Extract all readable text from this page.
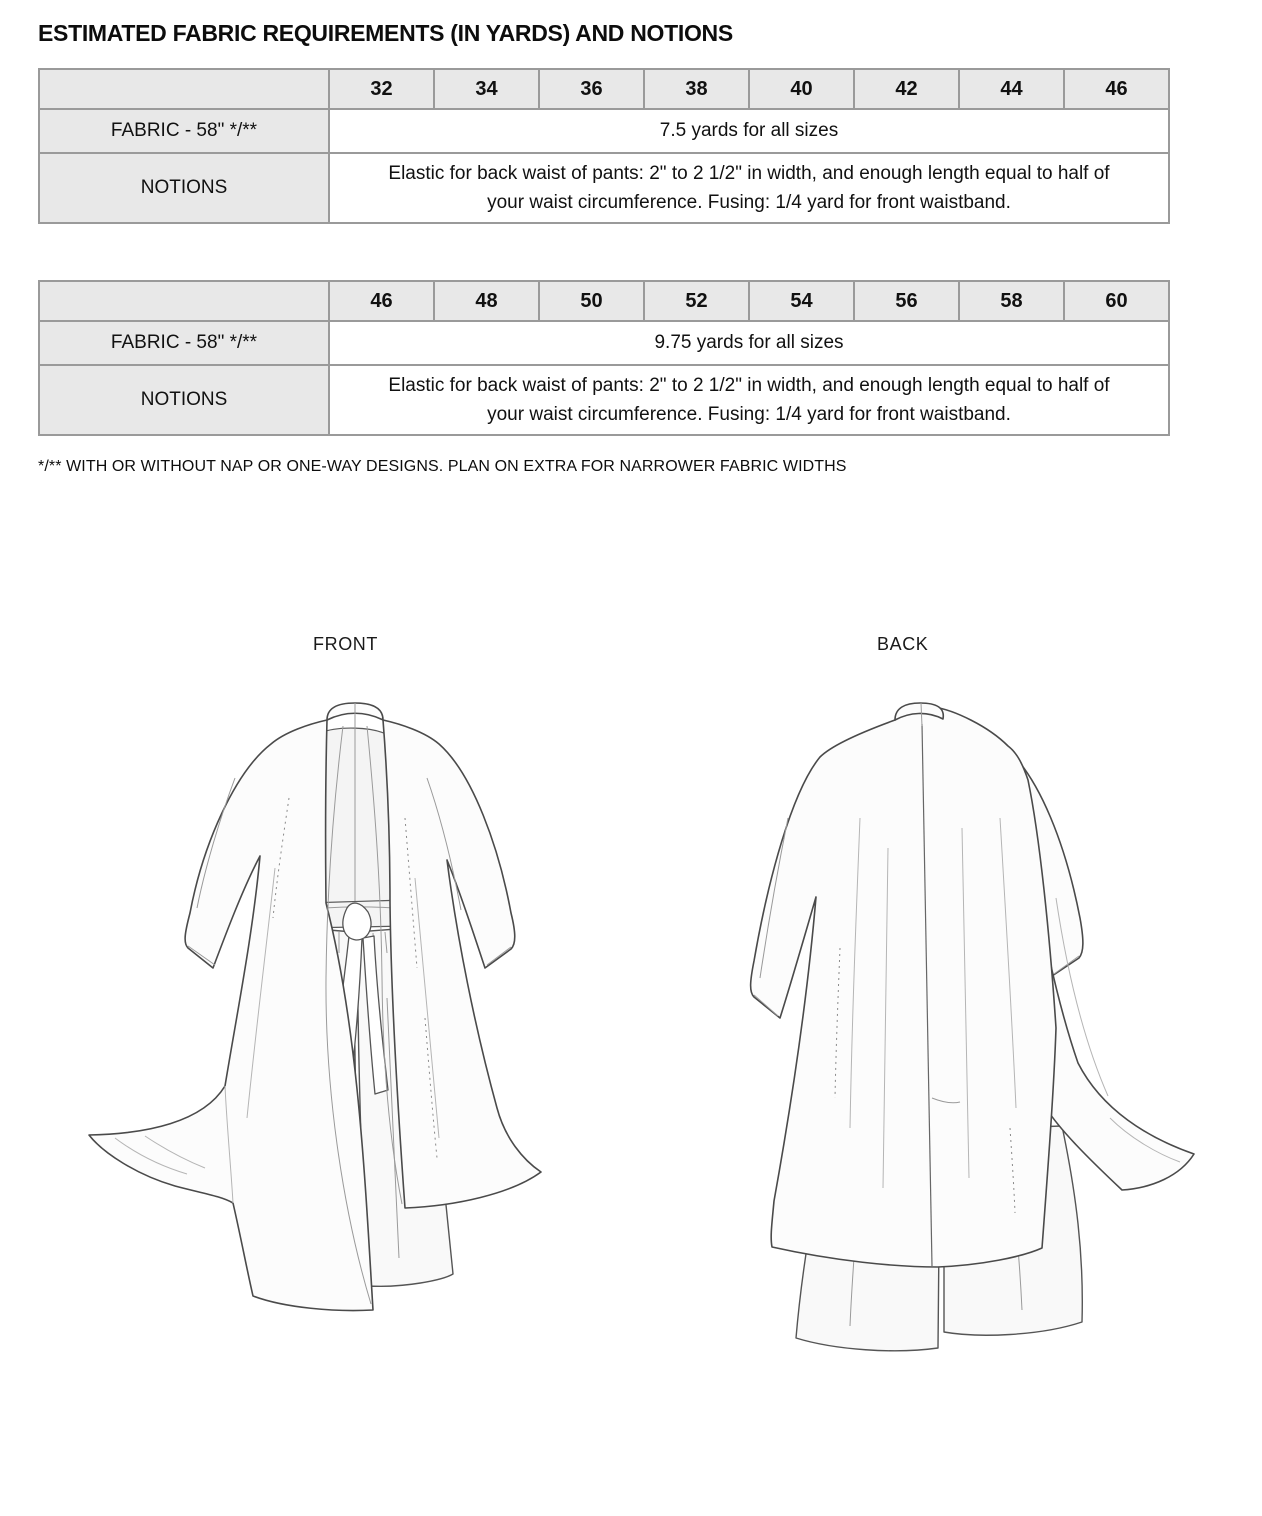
ESTIMATED FABRIC REQUIREMENTS (IN YARDS) AND NOTIONS
	32	34	36	38	40	42	44	46
FABRIC - 58" */**	7.5 yards for all sizes							
NOTIONS	Elastic for back waist of pants: 2" to 2 1/2" in width, and enough length equal to half of your waist circumference. Fusing: 1/4 yard for front waistband.							
	46	48	50	52	54	56	58	60
FABRIC - 58" */**	9.75 yards for all sizes							
NOTIONS	Elastic for back waist of pants: 2" to 2 1/2" in width, and enough length equal to half of your waist circumference. Fusing: 1/4 yard for front waistband.							

*/** WITH OR WITHOUT NAP OR ONE-WAY DESIGNS. PLAN ON EXTRA FOR NARROWER FABRIC WIDTHS

FRONT	BACK
